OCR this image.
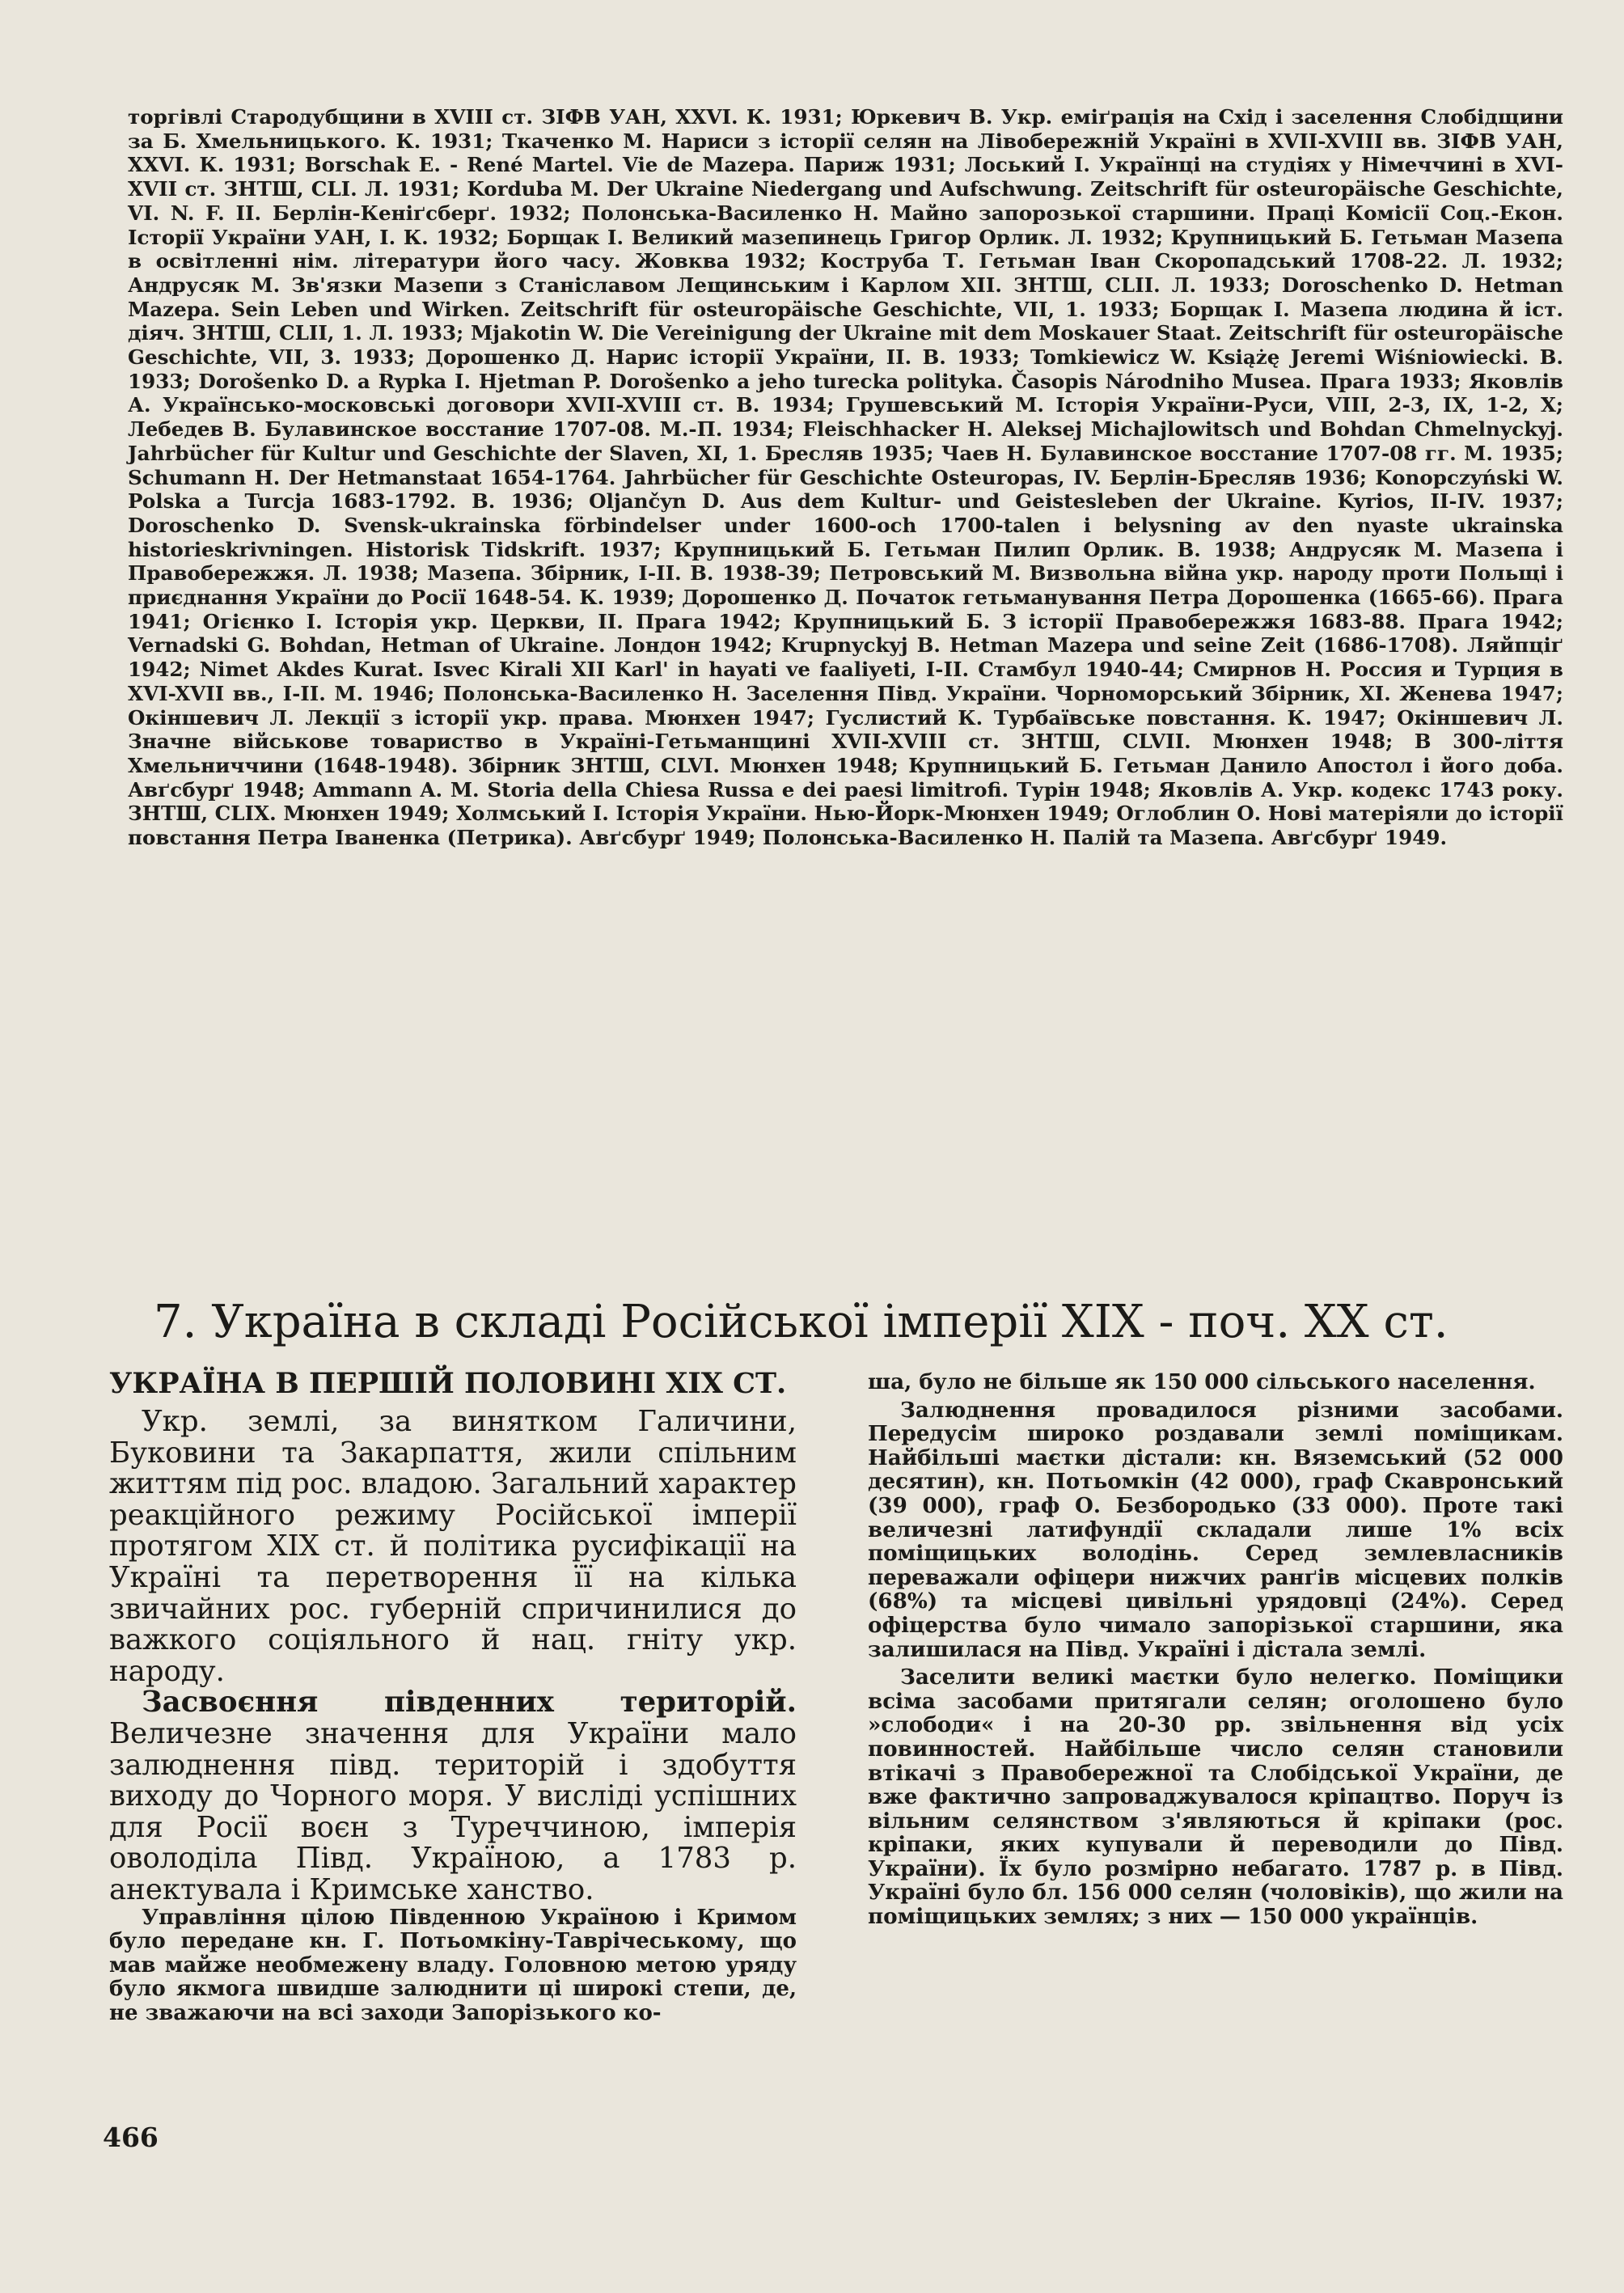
торгівлі Стародубщини в XVIII ст. ЗІФВ УАН, XXVI. К. 1931; Юркевич В. Укр. еміґрація на Схід і заселення Слобідщини за Б. Хмельницького. К. 1931; Ткаченко М. Нариси з історії селян на Лівобережній Україні в XVII-XVIII вв. ЗІФВ УАН, XXVI. К. 1931; Borschak E. - René Martel. Vie de Mazepa. Париж 1931; Лоський І. Українці на студіях у Німеччині в XVI-XVII ст. ЗНТШ, CLI. Л. 1931; Korduba M. Der Ukraine Niedergang und Aufschwung. Zeitschrift für osteuropäische Geschichte, VI. N. F. II. Берлін-Кеніґсберґ. 1932; Полонська-Василенко Н. Майно запорозької старшини. Праці Комісії Соц.-Екон. Історії України УАН, І. К. 1932; Борщак І. Великий мазепинець Григор Орлик. Л. 1932; Крупницький Б. Гетьман Мазепа в освітленні нім. літератури його часу. Жовква 1932; Коструба Т. Гетьман Іван Скоропадський 1708-22. Л. 1932; Андрусяк М. Зв'язки Мазепи з Станіславом Лещинським і Карлом XII. ЗНТШ, CLII. Л. 1933; Doroschenko D. Hetman Mazepa. Sein Leben und Wirken. Zeitschrift für osteuropäische Geschichte, VII, 1. 1933; Борщак І. Мазепа людина й іст. діяч. ЗНТШ, CLII, 1. Л. 1933; Mjakotin W. Die Vereinigung der Ukraine mit dem Moskauer Staat. Zeitschrift für osteuropäische Geschichte, VII, 3. 1933; Дорошенко Д. Нарис історії України, II. В. 1933; Tomkiewicz W. Książę Jeremi Wiśniowiecki. В. 1933; Dorošenko D. a Rypka I. Hjetman P. Dorošenko a jeho turecka polityka. Časopis Národniho Musea. Прага 1933; Яковлів А. Українсько-московські договори XVII-XVIII ст. В. 1934; Грушевський М. Історія України-Руси, VIII, 2-3, IX, 1-2, X; Лебедев В. Булавинское восстание 1707-08. М.-П. 1934; Fleischhacker H. Aleksej Michajlowitsch und Bohdan Chmelnyckyj. Jahrbücher für Kultur und Geschichte der Slaven, XI, 1. Бресляв 1935; Чаев Н. Булавинское восстание 1707-08 гг. М. 1935; Schumann H. Der Hetmanstaat 1654-1764. Jahrbücher für Geschichte Osteuropas, IV. Берлін-Бресляв 1936; Konopczyński W. Polska a Turcja 1683-1792. В. 1936; Oljančyn D. Aus dem Kultur- und Geistesleben der Ukraine. Kyrios, II-IV. 1937; Doroschenko D. Svensk-ukrainska förbindelser under 1600-och 1700-talen i belysning av den nyaste ukrainska historieskrivningen. Historisk Tidskrift. 1937; Крупницький Б. Гетьман Пилип Орлик. В. 1938; Андрусяк М. Мазепа і Правобережжя. Л. 1938; Мазепа. Збірник, І-ІІ. В. 1938-39; Петровський М. Визвольна війна укр. народу проти Польщі і приєднання України до Росії 1648-54. К. 1939; Дорошенко Д. Початок гетьманування Петра Дорошенка (1665-66). Прага 1941; Огієнко І. Історія укр. Церкви, II. Прага 1942; Крупницький Б. З історії Правобережжя 1683-88. Прага 1942; Vernadski G. Bohdan, Hetman of Ukraine. Лондон 1942; Krupnyckyj B. Hetman Mazepa und seine Zeit (1686-1708). Ляйпціґ 1942; Nimet Akdes Kurat. Isvec Kirali XII Karl' in hayati ve faaliyeti, I-II. Стамбул 1940-44; Смирнов Н. Россия и Турция в XVI-XVII вв., І-ІІ. М. 1946; Полонська-Василенко Н. Заселення Півд. України. Чорноморський Збірник, XI. Женева 1947; Окіншевич Л. Лекції з історії укр. права. Мюнхен 1947; Гуслистий К. Турбаївське повстання. К. 1947; Окіншевич Л. Значне військове товариство в Україні-Гетьманщині XVII-XVIII ст. ЗНТШ, CLVII. Мюнхен 1948; В 300-ліття Хмельниччини (1648-1948). Збірник ЗНТШ, CLVI. Мюнхен 1948; Крупницький Б. Гетьман Данило Апостол і його доба. Авґсбурґ 1948; Ammann A. M. Storia della Chiesa Russa e dei paesi limitrofi. Турін 1948; Яковлів А. Укр. кодекс 1743 року. ЗНТШ, CLIX. Мюнхен 1949; Холмський І. Історія України. Нью-Йорк-Мюнхен 1949; Оглоблин О. Нові матеріяли до історії повстання Петра Іваненка (Петрика). Авґсбурґ 1949; Полонська-Василенко Н. Палій та Мазепа. Авґсбурґ 1949.
7. Україна в складі Російської імперії XIX - поч. XX ст.
УКРАЇНА В ПЕРШІЙ ПОЛОВИНІ XIX СТ.

Укр. землі, за винятком Галичини, Буковини та Закарпаття, жили спільним життям під рос. владою. Загальний характер реакційного режиму Російської імперії протягом XIX ст. й політика русифікації на Україні та перетворення її на кілька звичайних рос. губерній спричинилися до важкого соціяльного й нац. гніту укр. народу.

Засвоєння південних територій. Величезне значення для України мало залюднення півд. територій і здобуття виходу до Чорного моря. У висліді успішних для Росії воєн з Туреччиною, імперія оволоділа Півд. Україною, а 1783 р. анектувала і Кримське ханство.

Управління цілою Південною Україною і Кримом було передане кн. Г. Потьомкіну-Таврічеському, що мав майже необмежену владу. Головною метою уряду було якмога швидше залюднити ці широкі степи, де, не зважаючи на всі заходи Запорізького ко-

ша, було не більше як 150 000 сільського населення.

Залюднення провадилося різними засобами. Передусім широко роздавали землі поміщикам. Найбільші маєтки дістали: кн. Вяземський (52 000 десятин), кн. Потьомкін (42 000), граф Скавронський (39 000), граф О. Безбородько (33 000). Проте такі величезні латифундії складали лише 1% всіх поміщицьких володінь. Серед землевласників переважали офіцери нижчих ранґів місцевих полків (68%) та місцеві цивільні урядовці (24%). Серед офіцерства було чимало запорізької старшини, яка залишилася на Півд. Україні і дістала землі.

Заселити великі маєтки було нелегко. Поміщики всіма засобами притягали селян; оголошено було »слободи« і на 20-30 рр. звільнення від усіх повинностей. Найбільше число селян становили втікачі з Правобережної та Слобідської України, де вже фактично запроваджувалося кріпацтво. Поруч із вільним селянством з'являються й кріпаки (рос. кріпаки, яких купували й переводили до Півд. України). Їх було розмірно небагато. 1787 р. в Півд. Україні було бл. 156 000 селян (чоловіків), що жили на поміщицьких землях; з них — 150 000 українців.

466
